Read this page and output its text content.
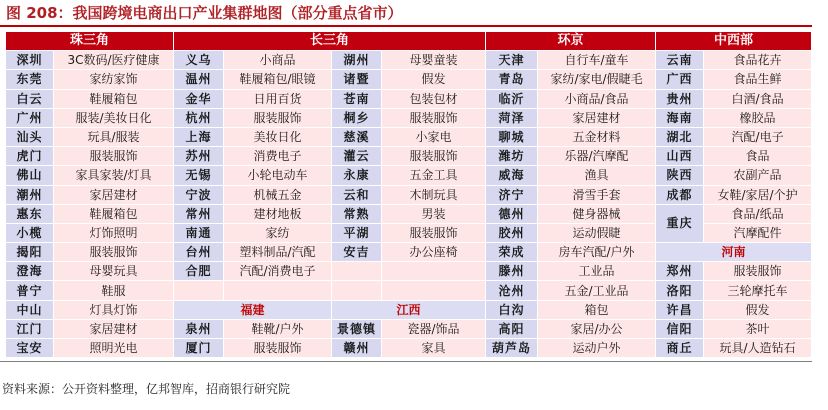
图 208：我国跨境电商出口产业集群地图（部分重点省市）
珠三角		长三角				环京		中西部	
深圳	3C数码/医疗健康	义乌	小商品	湖州	母婴童装	天津	自行车/童车	云南	食品花卉
东莞	家纺家饰	温州	鞋履箱包/眼镜	诸暨	假发	青岛	家纺/家电/假睫毛	广西	食品生鲜
白云	鞋履箱包	金华	日用百货	苍南	包装包材	临沂	小商品/食品	贵州	白酒/食品
广州	服装/美妆日化	杭州	服装服饰	桐乡	服装服饰	菏泽	家居建材	海南	橡胶品
汕头	玩具/服装	上海	美妆日化	慈溪	小家电	聊城	五金材料	湖北	汽配/电子
虎门	服装服饰	苏州	消费电子	灌云	服装服饰	潍坊	乐器/汽摩配	山西	食品
佛山	家具家装/灯具	无锡	小轮电动车	永康	五金工具	威海	渔具	陕西	农副产品
潮州	家居建材	宁波	机械五金	云和	木制玩具	济宁	滑雪手套	成都	女鞋/家居/个护
惠东	鞋履箱包	常州	建材地板	常熟	男装	德州	健身器械	重庆	食品/纸品
小榄	灯饰照明	南通	家纺	平湖	服装服饰	胶州	运动假睫		汽摩配件
揭阳	服装服饰	台州	塑料制品/汽配	安吉	办公座椅	荣成	房车汽配/户外	河南	
澄海	母婴玩具	合肥	汽配/消费电子			滕州	工业品	郑州	服装服饰
普宁	鞋服					沧州	五金/工业品	洛阳	三轮摩托车
中山	灯具灯饰	福建		江西		白沟	箱包	许昌	假发
江门	家居建材	泉州	鞋靴/户外	景德镇	瓷器/饰品	高阳	家居/办公	信阳	茶叶
宝安	照明光电	厦门	服装服饰	赣州	家具	葫芦岛	运动户外	商丘	玩具/人造钻石
资料来源：公开资料整理，亿邦智库，招商银行研究院
